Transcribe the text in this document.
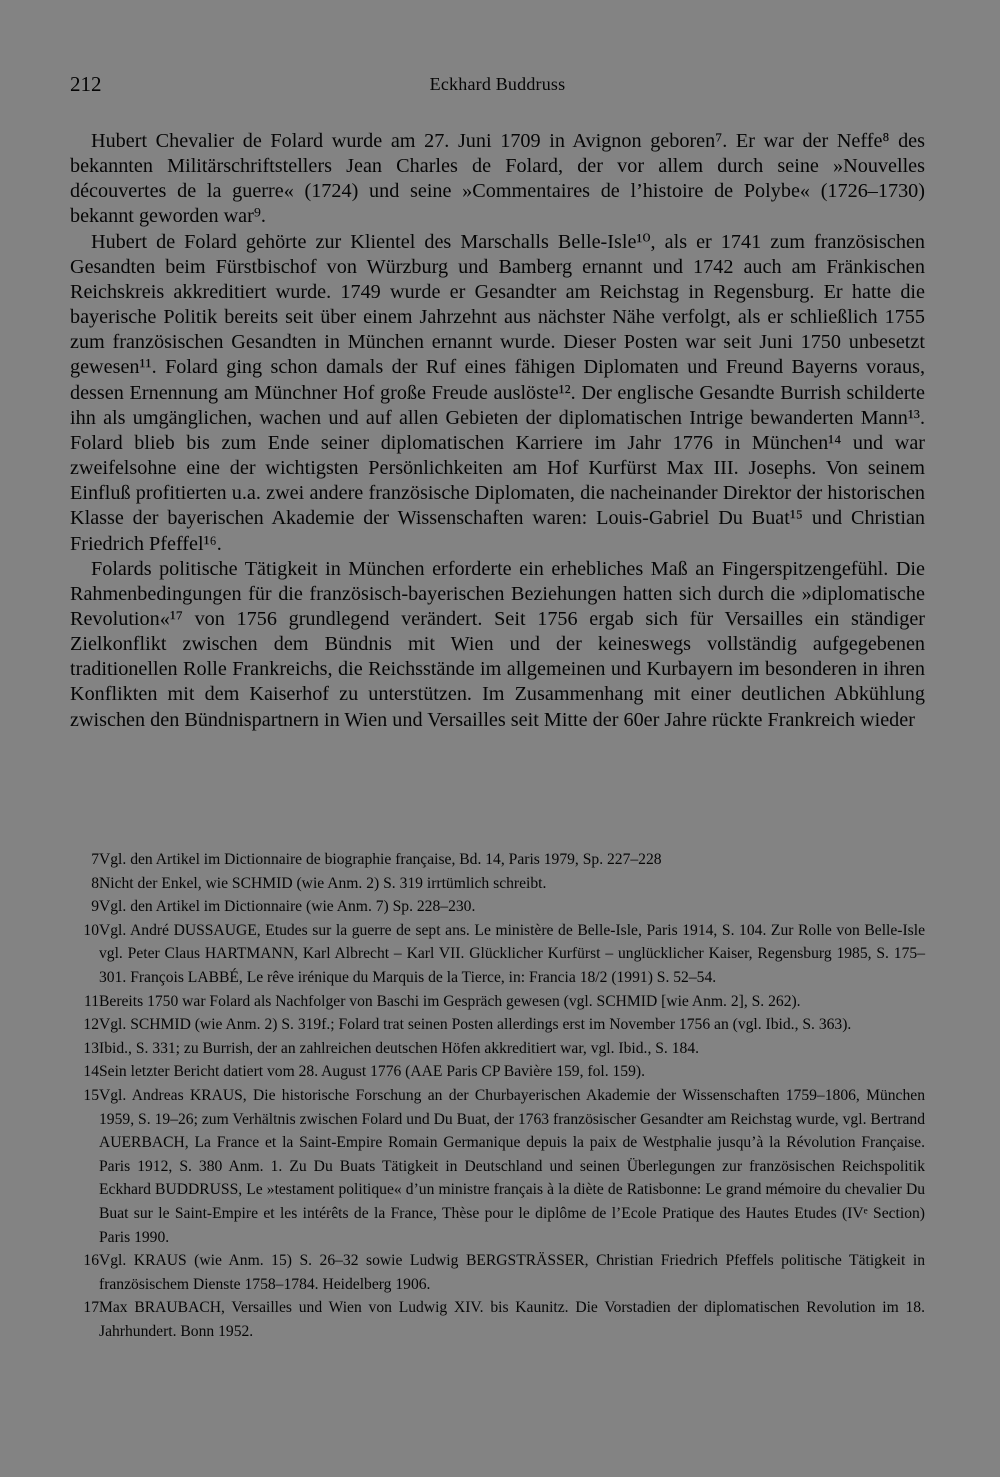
212	Eckhard Buddruss

Hubert Chevalier de Folard wurde am 27. Juni 1709 in Avignon geboren⁷. Er war der Neffe⁸ des bekannten Militärschriftstellers Jean Charles de Folard, der vor allem durch seine »Nouvelles découvertes de la guerre« (1724) und seine »Commentaires de l’histoire de Polybe« (1726–1730) bekannt geworden war⁹.

Hubert de Folard gehörte zur Klientel des Marschalls Belle-Isle¹⁰, als er 1741 zum französischen Gesandten beim Fürstbischof von Würzburg und Bamberg ernannt und 1742 auch am Fränkischen Reichskreis akkreditiert wurde. 1749 wurde er Gesandter am Reichstag in Regensburg. Er hatte die bayerische Politik bereits seit über einem Jahrzehnt aus nächster Nähe verfolgt, als er schließlich 1755 zum französischen Gesandten in München ernannt wurde. Dieser Posten war seit Juni 1750 unbesetzt gewesen¹¹. Folard ging schon damals der Ruf eines fähigen Diplomaten und Freund Bayerns voraus, dessen Ernennung am Münchner Hof große Freude auslöste¹². Der englische Gesandte Burrish schilderte ihn als umgänglichen, wachen und auf allen Gebieten der diplomatischen Intrige bewanderten Mann¹³. Folard blieb bis zum Ende seiner diplomatischen Karriere im Jahr 1776 in München¹⁴ und war zweifelsohne eine der wichtigsten Persönlichkeiten am Hof Kurfürst Max III. Josephs. Von seinem Einfluß profitierten u.a. zwei andere französische Diplomaten, die nacheinander Direktor der historischen Klasse der bayerischen Akademie der Wissenschaften waren: Louis-Gabriel Du Buat¹⁵ und Christian Friedrich Pfeffel¹⁶.

Folards politische Tätigkeit in München erforderte ein erhebliches Maß an Fingerspitzengefühl. Die Rahmenbedingungen für die französisch-bayerischen Beziehungen hatten sich durch die »diplomatische Revolution«¹⁷ von 1756 grundlegend verändert. Seit 1756 ergab sich für Versailles ein ständiger Zielkonflikt zwischen dem Bündnis mit Wien und der keineswegs vollständig aufgegebenen traditionellen Rolle Frankreichs, die Reichsstände im allgemeinen und Kurbayern im besonderen in ihren Konflikten mit dem Kaiserhof zu unterstützen. Im Zusammenhang mit einer deutlichen Abkühlung zwischen den Bündnispartnern in Wien und Versailles seit Mitte der 60er Jahre rückte Frankreich wieder

7 Vgl. den Artikel im Dictionnaire de biographie française, Bd. 14, Paris 1979, Sp. 227–228
8 Nicht der Enkel, wie SCHMID (wie Anm. 2) S. 319 irrtümlich schreibt.
9 Vgl. den Artikel im Dictionnaire (wie Anm. 7) Sp. 228–230.
10 Vgl. André DUSSAUGE, Etudes sur la guerre de sept ans. Le ministère de Belle-Isle, Paris 1914, S. 104. Zur Rolle von Belle-Isle vgl. Peter Claus HARTMANN, Karl Albrecht – Karl VII. Glücklicher Kurfürst – unglücklicher Kaiser, Regensburg 1985, S. 175–301. François LABBÉ, Le rêve irénique du Marquis de la Tierce, in: Francia 18/2 (1991) S. 52–54.
11 Bereits 1750 war Folard als Nachfolger von Baschi im Gespräch gewesen (vgl. SCHMID [wie Anm. 2], S. 262).
12 Vgl. SCHMID (wie Anm. 2) S. 319f.; Folard trat seinen Posten allerdings erst im November 1756 an (vgl. Ibid., S. 363).
13 Ibid., S. 331; zu Burrish, der an zahlreichen deutschen Höfen akkreditiert war, vgl. Ibid., S. 184.
14 Sein letzter Bericht datiert vom 28. August 1776 (AAE Paris CP Bavière 159, fol. 159).
15 Vgl. Andreas KRAUS, Die historische Forschung an der Churbayerischen Akademie der Wissenschaften 1759–1806, München 1959, S. 19–26; zum Verhältnis zwischen Folard und Du Buat, der 1763 französischer Gesandter am Reichstag wurde, vgl. Bertrand AUERBACH, La France et la Saint-Empire Romain Germanique depuis la paix de Westphalie jusqu’à la Révolution Française. Paris 1912, S. 380 Anm. 1. Zu Du Buats Tätigkeit in Deutschland und seinen Überlegungen zur französischen Reichspolitik Eckhard BUDDRUSS, Le »testament politique« d’un ministre français à la diète de Ratisbonne: Le grand mémoire du chevalier Du Buat sur le Saint-Empire et les intérêts de la France, Thèse pour le diplôme de l’Ecole Pratique des Hautes Etudes (IVᵉ Section) Paris 1990.
16 Vgl. KRAUS (wie Anm. 15) S. 26–32 sowie Ludwig BERGSTRÄSSER, Christian Friedrich Pfeffels politische Tätigkeit in französischem Dienste 1758–1784. Heidelberg 1906.
17 Max BRAUBACH, Versailles und Wien von Ludwig XIV. bis Kaunitz. Die Vorstadien der diplomatischen Revolution im 18. Jahrhundert. Bonn 1952.
